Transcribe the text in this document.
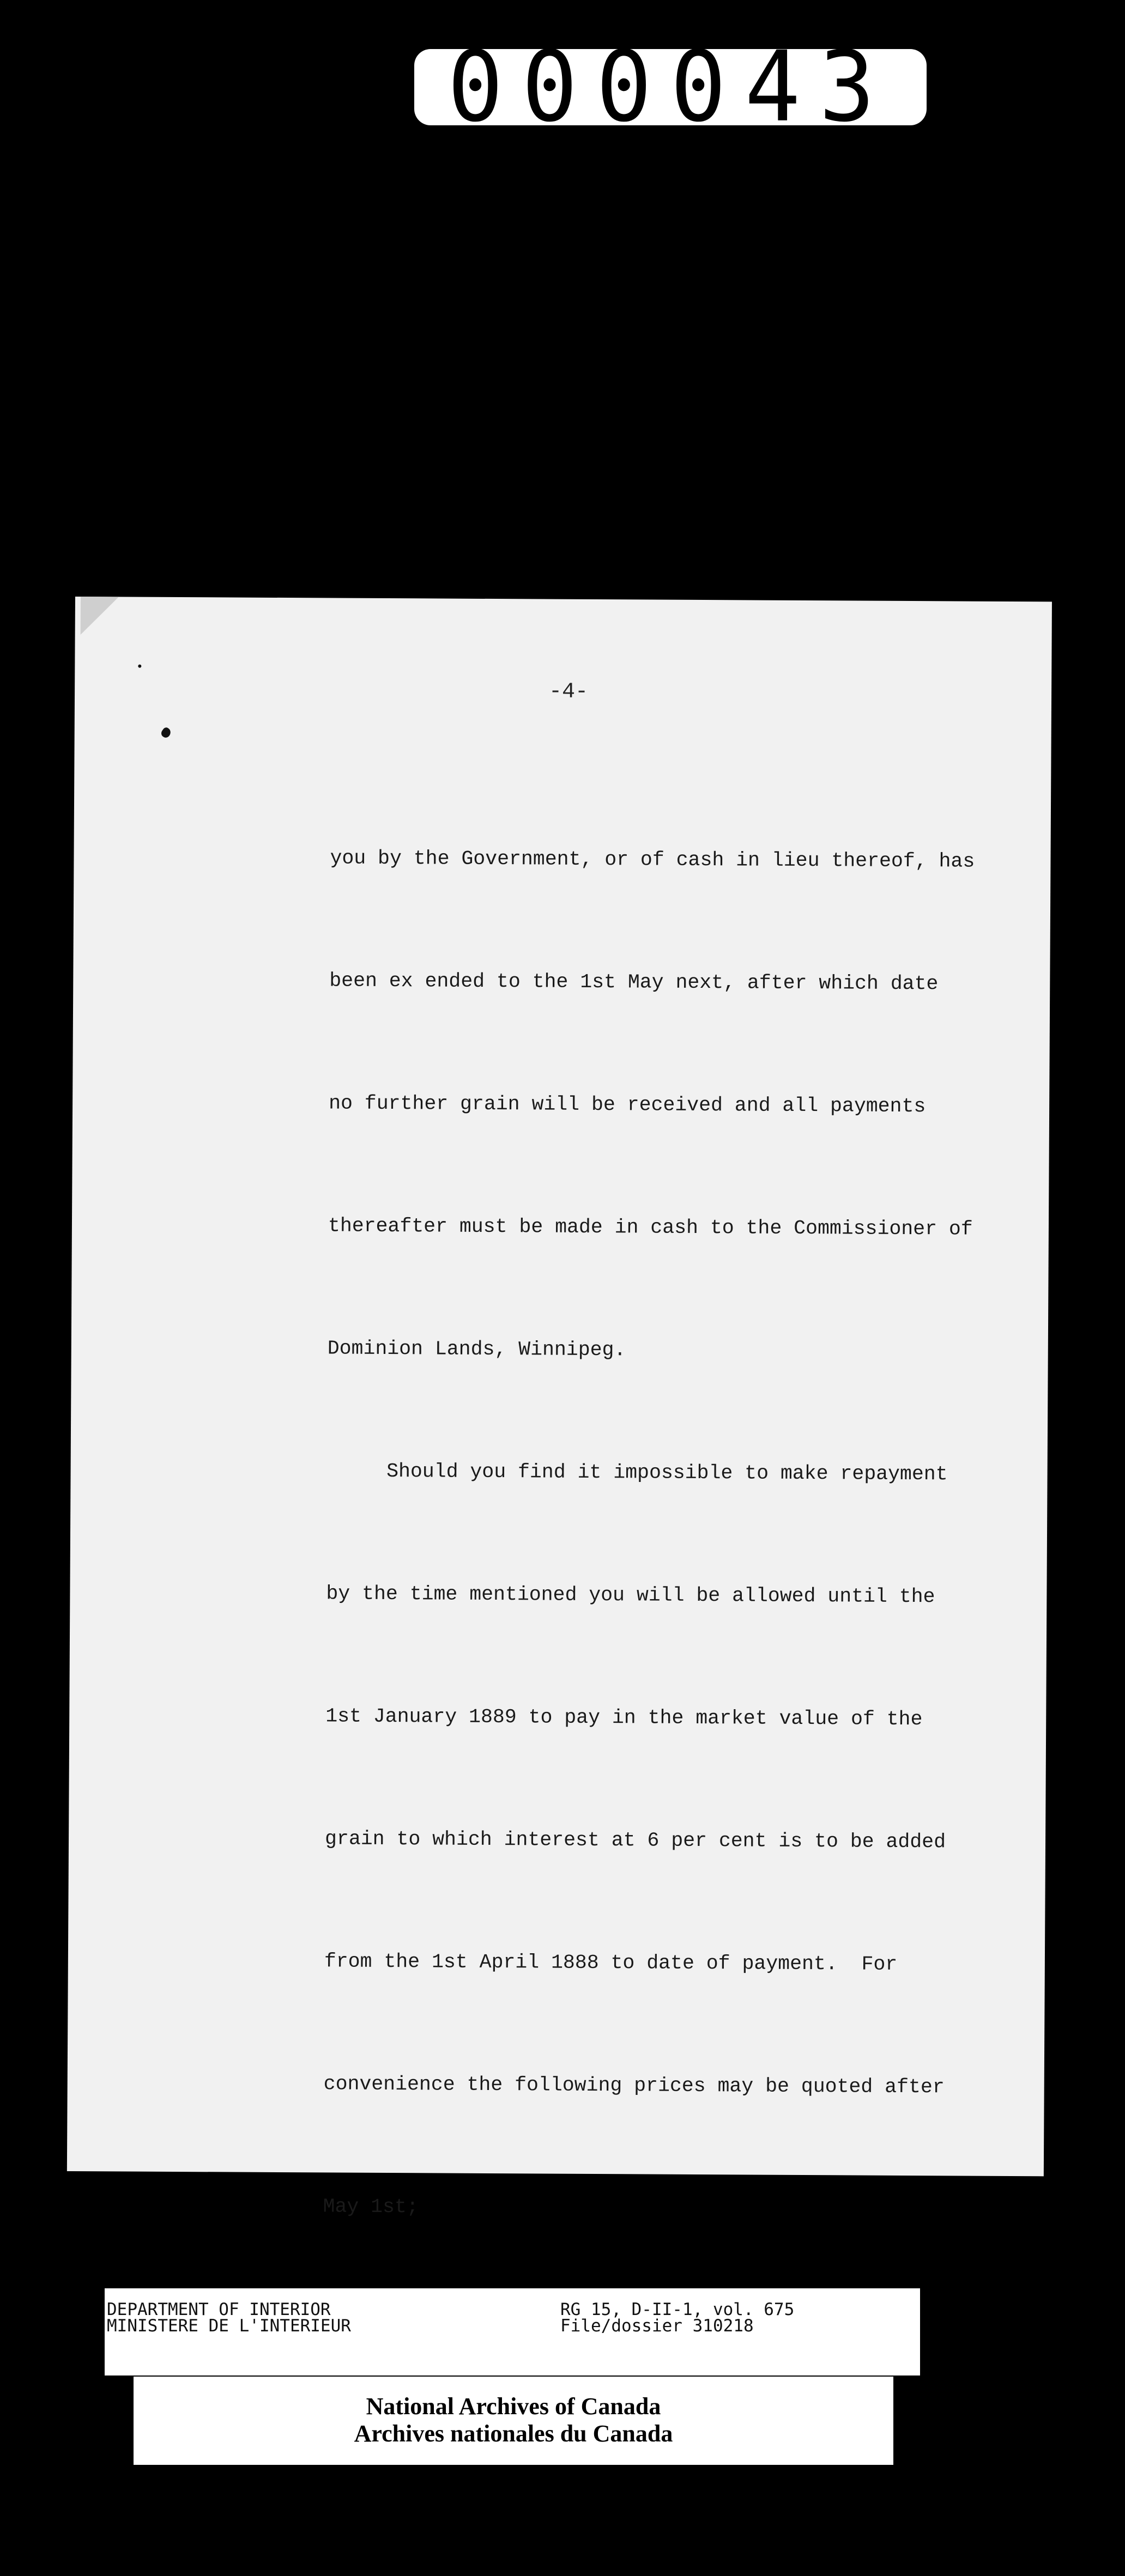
000043
-4-

you by the Government, or of cash in lieu thereof, has

been ex ended to the 1st May next, after which date

no further grain will be received and all payments

thereafter must be made in cash to the Commissioner of

Dominion Lands, Winnipeg.

Should you find it impossible to make repayment

by the time mentioned you will be allowed until the

1st January 1889 to pay in the market value of the

grain to which interest at 6 per cent is to be added

from the 1st April 1888 to date of payment.  For

convenience the following prices may be quoted after

May 1st;

DEPARTMENT OF INTERIOR
MINISTERE DE L'INTERIEUR
RG 15, D-II-1, vol. 675
File/dossier 310218
National Archives of Canada
Archives nationales du Canada
